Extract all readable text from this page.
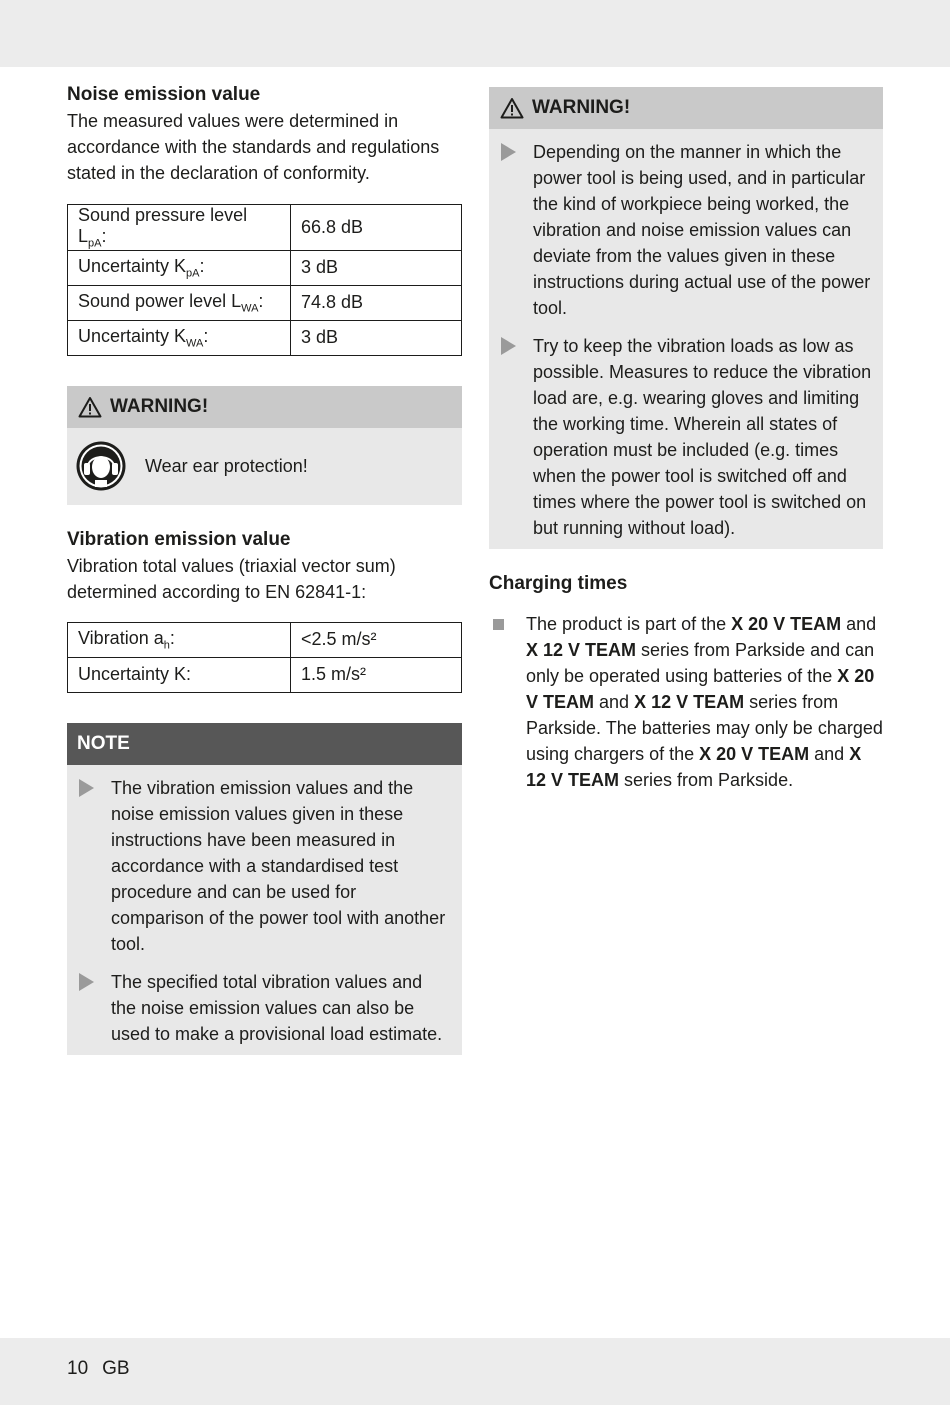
Noise emission value

The measured values were determined in accordance with the standards and regulations stated in the declaration of conformity.

Sound pressure level $L_{pA}$:	66.8 dB
Uncertainty $K_{pA}$:	3 dB
Sound power level $L_{WA}$:	74.8 dB
Uncertainty $K_{WA}$:	3 dB
WARNING!

Wear ear protection!

Vibration emission value

Vibration total values (triaxial vector sum) determined according to EN 62841-1:

Vibration $a_h$:	<2.5 m/s²
Uncertainty K:	1.5 m/s²
NOTE

The vibration emission values and the noise emission values given in these instructions have been measured in accordance with a standardised test procedure and can be used for comparison of the power tool with another tool.

The specified total vibration values and the noise emission values can also be used to make a provisional load estimate.

WARNING!

Depending on the manner in which the power tool is being used, and in particular the kind of workpiece being worked, the vibration and noise emission values can deviate from the values given in these instructions during actual use of the power tool.

Try to keep the vibration loads as low as possible. Measures to reduce the vibration load are, e.g. wearing gloves and limiting the working time. Wherein all states of operation must be included (e.g. times when the power tool is switched off and times where the power tool is switched on but running without load).

Charging times

The product is part of the X 20 V TEAM and X 12 V TEAM series from Parkside and can only be operated using batteries of the X 20 V TEAM and X 12 V TEAM series from Parkside. The batteries may only be charged using chargers of the X 20 V TEAM and X 12 V TEAM series from Parkside.

10 GB
